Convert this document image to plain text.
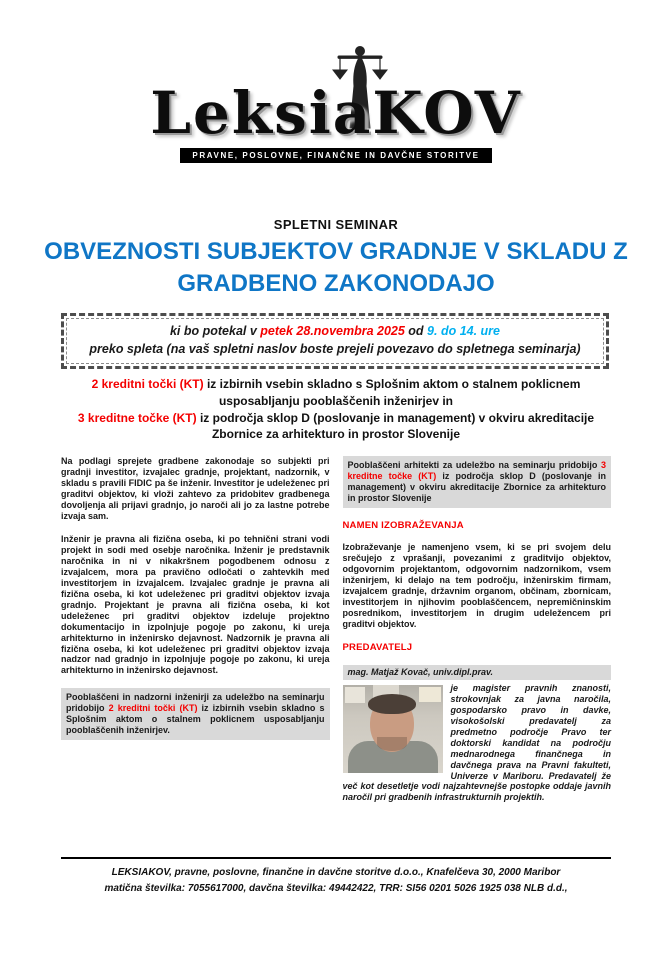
LeksiaKOV
PRAVNE, POSLOVNE, FINANČNE IN DAVČNE STORITVE
SPLETNI SEMINAR
OBVEZNOSTI SUBJEKTOV GRADNJE V SKLADU Z GRADBENO ZAKONODAJO
ki bo potekal v petek 28.novembra 2025 od 9. do 14. ure
preko spleta (na vaš spletni naslov boste prejeli povezavo do spletnega seminarja)
2 kreditni točki (KT) iz izbirnih vsebin skladno s Splošnim aktom o stalnem poklicnem usposabljanju pooblaščenih inženirjev in
3 kreditne točke (KT) iz področja sklop D (poslovanje in management) v okviru akreditacije Zbornice za arhitekturo in prostor Slovenije

Na podlagi sprejete gradbene zakonodaje so subjekti pri gradnji investitor, izvajalec gradnje, projektant, nadzornik, v skladu s pravili FIDIC pa še inženir. Investitor je udeleženec pri graditvi objektov, ki vloži zahtevo za pridobitev gradbenega dovoljenja ali prijavi gradnjo, jo naroči ali jo za lastne potrebe izvaja sam.

Inženir je pravna ali fizična oseba, ki po tehnični strani vodi projekt in sodi med osebje naročnika. Inženir je predstavnik naročnika in ni v nikakršnem pogodbenem odnosu z izvajalcem, mora pa pravično odločati o zahtevkih med investitorjem in izvajalcem. Izvajalec gradnje je pravna ali fizična oseba, ki kot udeleženec pri graditvi objektov izvaja gradnjo. Projektant je pravna ali fizična oseba, ki kot udeleženec pri graditvi objektov izdeluje projektno dokumentacijo in izpolnjuje pogoje po zakonu, ki ureja arhitekturno in inženirsko dejavnost. Nadzornik je pravna ali fizična oseba, ki kot udeleženec pri graditvi objektov izvaja nadzor nad gradnjo in izpolnjuje pogoje po zakonu, ki ureja arhitekturno in inženirsko dejavnost.

Pooblaščeni in nadzorni inženirji za udeležbo na seminarju pridobijo 2 kreditni točki (KT) iz izbirnih vsebin skladno s Splošnim aktom o stalnem poklicnem usposabljanju pooblaščenih inženirjev.

Pooblaščeni arhitekti za udeležbo na seminarju pridobijo 3 kreditne točke (KT) iz področja sklop D (poslovanje in management) v okviru akreditacije Zbornice za arhitekturo in prostor Slovenije

NAMEN IZOBRAŽEVANJA

Izobraževanje je namenjeno vsem, ki se pri svojem delu srečujejo z vprašanji, povezanimi z graditvijo objektov, odgovornim projektantom, odgovornim nadzornikom, vsem inženirjem, ki delajo na tem področju, inženirskim firmam, izvajalcem gradnje, državnim organom, občinam, zbornicam, investitorjem in njihovim pooblaščencem, nepremičninskim posrednikom, investitorjem in drugim udeležencem pri graditvi objektov.

PREDAVATELJ
mag. Matjaž Kovač, univ.dipl.prav.
je magister pravnih znanosti, strokovnjak za javna naročila, gospodarsko pravo in davke, visokošolski predavatelj za predmetno področje Pravo ter doktorski kandidat na področju mednarodnega finančnega in davčnega prava na Pravni fakulteti, Univerze v Mariboru. Predavatelj že več kot desetletje vodi najzahtevnejše postopke oddaje javnih naročil pri gradbenih infrastrukturnih projektih.
LEKSIAKOV, pravne, poslovne, finančne in davčne storitve d.o.o., Knafelčeva 30, 2000 Maribor
matična številka: 7055617000, davčna številka: 49442422, TRR: SI56 0201 5026 1925 038 NLB d.d.,
